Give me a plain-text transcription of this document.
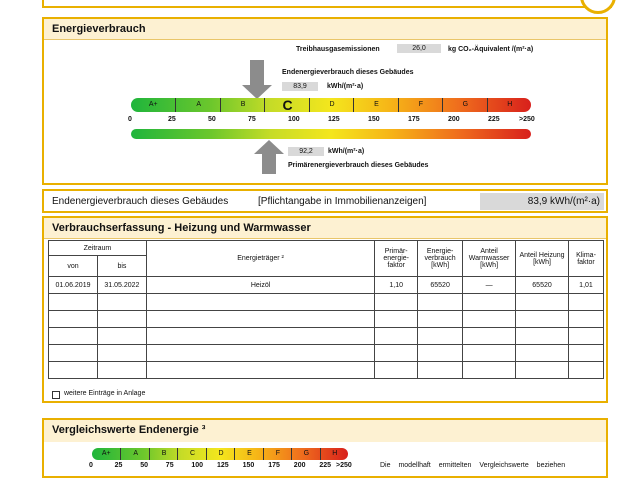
Energieverbrauch
Treibhausgasemissionen	26,0	kg CO₂-Äquivalent /(m²·a)
Endenergieverbrauch dieses Gebäudes
83,9	kWh/(m²·a)
A+	A	B	C	D	E	F	G	H
0	25	50	75	100	125	150	175	200	225	>250
92,2	kWh/(m²·a)
Primärenergieverbrauch dieses Gebäudes
Endenergieverbrauch dieses Gebäudes	[Pflichtangabe in Immobilienanzeigen]	83,9 kWh/(m²·a)
Verbrauchserfassung - Heizung und Warmwasser
Zeitraum		Energieträger ²	Primär-energie-faktor	Energie-verbrauch [kWh]	Anteil Warmwasser [kWh]	Anteil Heizung [kWh]	Klima-faktor
von	bis						
01.06.2019	31.05.2022	Heizöl	1,10	65520	—	65520	1,01

weitere Einträge in Anlage
Vergleichswerte Endenergie ³
A+	A	B	C	D	E	F	G	H
0	25	50	75	100 125 150 175 200 225 >250	Die modellhaft ermittelten Vergleichswerte beziehen
